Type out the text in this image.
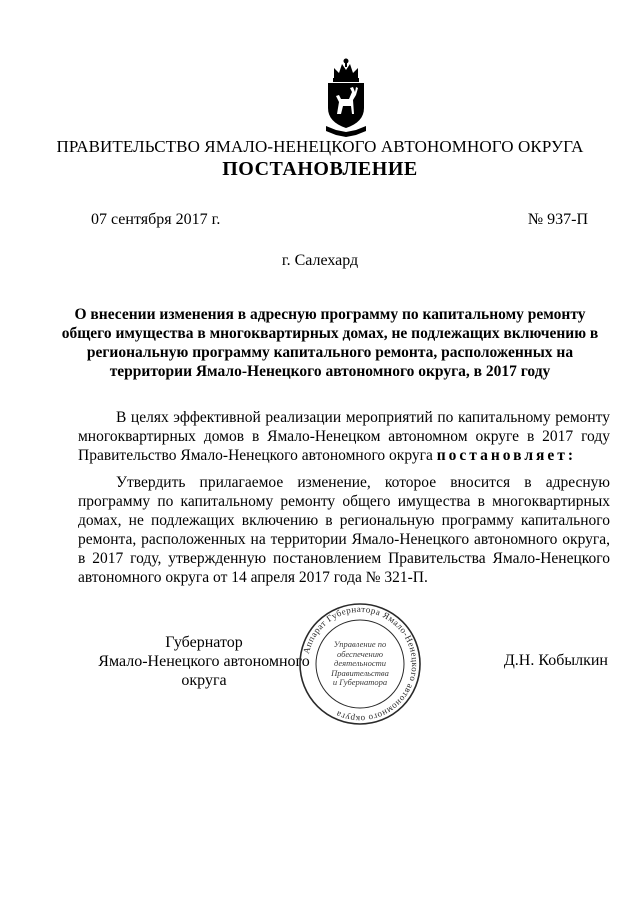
ПРАВИТЕЛЬСТВО ЯМАЛО-НЕНЕЦКОГО АВТОНОМНОГО ОКРУГА
ПОСТАНОВЛЕНИЕ
07 сентября 2017 г.	№ 937-П
г. Салехард
О внесении изменения в адресную программу по капитальному ремонту
общего имущества в многоквартирных домах, не подлежащих включению в
региональную программу капитального ремонта, расположенных на
территории Ямало-Ненецкого автономного округа, в 2017 году

В целях эффективной реализации мероприятий по капитальному ремонту многоквартирных домов в Ямало-Ненецком автономном округе в 2017 году Правительство Ямало-Ненецкого автономного округа постановляет:

Утвердить прилагаемое изменение, которое вносится в адресную программу по капитальному ремонту общего имущества в многоквартирных домах, не подлежащих включению в региональную программу капитального ремонта, расположенных на территории Ямало-Ненецкого автономного округа, в 2017 году, утвержденную постановлением Правительства Ямало-Ненецкого автономного округа от 14 апреля 2017 года № 321-П.

Губернатор
Ямало-Ненецкого автономного округа
Д.Н. Кобылкин
Аппарат Губернатора Ямало-Ненецкого автономного округа
Управление по
обеспечению
деятельности
Правительства
и Губернатора
